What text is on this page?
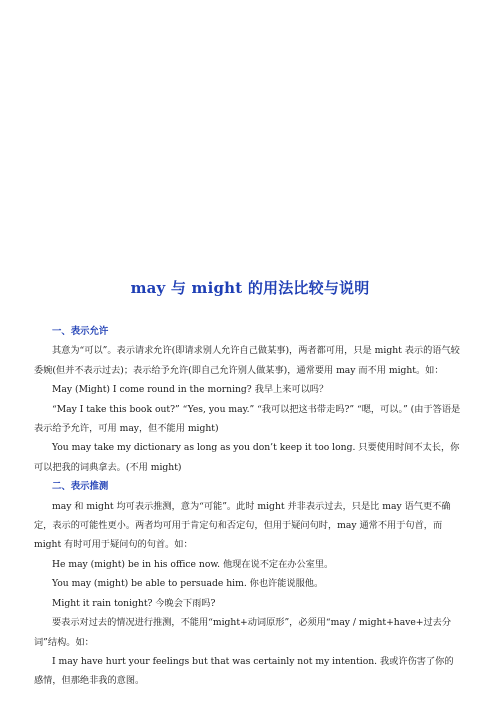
may 与 might 的用法比较与说明
一、表示允许

其意为“可以”。表示请求允许(即请求别人允许自己做某事)，两者都可用，只是 might 表示的语气较委婉(但并不表示过去)；表示给予允许(即自己允许别人做某事)，通常要用 may 而不用 might。如：

May (Might) I come round in the morning? 我早上来可以吗？

“May I take this book out?” “Yes, you may.” “我可以把这书带走吗?” “嗯，可以。” (由于答语是表示给予允许，可用 may，但不能用 might)

You may take my dictionary as long as you don’t keep it too long. 只要使用时间不太长，你可以把我的词典拿去。(不用 might)

二、表示推测

may 和 might 均可表示推测，意为“可能”。此时 might 并非表示过去，只是比 may 语气更不确定，表示的可能性更小。两者均可用于肯定句和否定句，但用于疑问句时，may 通常不用于句首，而 might 有时可用于疑问句的句首。如：

He may (might) be in his office now. 他现在说不定在办公室里。

You may (might) be able to persuade him. 你也许能说服他。

Might it rain tonight? 今晚会下雨吗?

要表示对过去的情况进行推测，不能用“might+动词原形”，必须用“may / might+have+过去分词”结构。如：

I may have hurt your feelings but that was certainly not my intention. 我或许伤害了你的感情，但那绝非我的意图。
